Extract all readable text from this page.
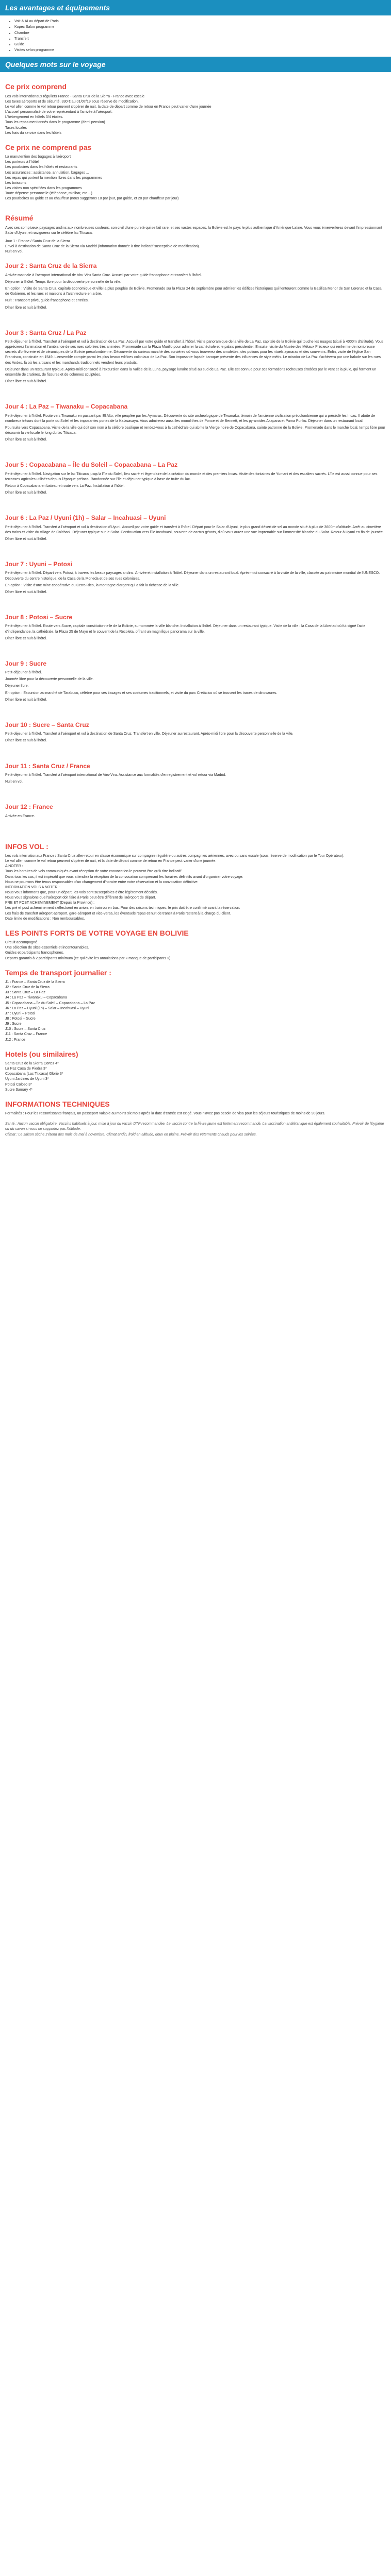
Les avantages et équipements
• Voit & AI au départ de Paris
• Kopec Salon programme
• Chambre
• Transfert
• Guide
• Visites selon programme
Quelques mots sur le voyage
Ce prix comprend

Les vols internationaux réguliers France - Santa Cruz de la Sierra - France avec escale

Les taxes aéroports et de sécurité, 330 € au 01/07/19 sous réserve de modification.

Le vol aller, comme le vol retour peuvent s'opérer de nuit, la date de départ comme de retour en France peut varier d'une journée

L'accueil personnalisé de votre représentant à l'arrivée à l'aéroport.

L'hébergement en hôtels 3/4 étoiles.

Tous les repas mentionnés dans le programme (demi pension)

Taxes locales

Les frais du service dans les hôtels

Ce prix ne comprend pas

La manutention des bagages à l'aéroport

Les porteurs à l'hôtel

Les pourboires dans les hôtels et restaurants

Les assurances : assistance, annulation, bagages ...

Les repas qui portent la mention libres dans les programmes

Les boissons

Les visites non spécifiées dans les programmes

Toute dépense personnelle (téléphone, minibar, etc ...)

Les pourboires au guide et au chauffeur (nous suggérons 18 par jour, par guide, et 28 par chauffeur par jour)

Résumé

Avec ses somptueux paysages andins aux nombreuses couleurs, son civil d'une pureté qui se fait rare, et ses vastes espaces, la Bolivie est le pays le plus authentique d'Amérique Latine. Vous vous émerveillerez devant l'impressionnant Salar d'Uyuni, et naviguerez sur le célèbre lac Titicaca.

Jour 1 : France / Santa Cruz de la Sierra

Envol à destination de Santa Cruz de la Sierra via Madrid (information donnée à titre indicatif susceptible de modification).

Nuit en vol.

Jour 2 : Santa Cruz de la Sierra

Arrivée matinale à l'aéroport international de Viru-Viru Santa Cruz. Accueil par votre guide francophone et transfert à l'hôtel.

Déjeuner à l'hôtel. Temps libre pour la découverte personnelle de la ville.

En option : Visite de Santa Cruz, capitale économique et ville la plus peuplée de Bolivie. Promenade sur la Plaza 24 de septiembre pour admirer les édifices historiques qui l'entourent comme la Basilica Menor de San Lorenzo et la Casa de Gobierno, et les rues et maisons à l'architecture en arbre.

Nuit : Transport privé, guide francophone et entrées.

Dîner libre et nuit à l'hôtel.

Jour 3 : Santa Cruz / La Paz

Petit-déjeuner à l'hôtel. Transfert à l'aéroport et vol à destination de La Paz. Accueil par votre guide et transfert à l'hôtel. Visite panoramique de la ville de La Paz, capitale de la Bolivie qui touche les nuages (situé à 4000m d'altitude). Vous apprécierez l'animation et l'ambiance de ses rues colorées très animées. Promenade sur la Plaza Murillo pour admirer la cathédrale et le palais présidentiel. Ensuite, visite du Musée des Métaux Précieux qui renferme de nombreuse secrets d'orfèvrerie et de céramiques de la Bolivie précolombienne. Découverte du curieux marché des sorcières où vous trouverez des amulettes, des potions pour les rituels aymaras et des souvenirs. Enfin, visite de l'église San Francisco, construite en 1549. L'ensemble compte parmi les plus beaux édifices coloniaux de La Paz. Son imposante façade baroque présente des influences de style métis. Le mirador de La Paz s'achèvera par une balade sur les rues des Andes, là où les artisans et les marchands traditionnels vendent leurs produits.

Déjeuner dans un restaurant typique. Après-midi consacré à l'excursion dans la Vallée de la Luna, paysage lunaire situé au sud de La Paz. Elle est connue pour ses formations rocheuses érodées par le vent et la pluie, qui forment un ensemble de cratères, de fissures et de colonnes sculptées.

Dîner libre et nuit à l'hôtel.

Jour 4 : La Paz – Tiwanaku – Copacabana

Petit-déjeuner à l'hôtel. Route vers Tiwanaku en passant par El Alto, ville peuplée par les Aymaras. Découverte du site archéologique de Tiwanaku, témoin de l'ancienne civilisation précolombienne qui a précédé les Incas. Il abrite de nombreux trésors dont la porte du Soleil et les imposantes portes de la Kalasasaya. Vous admirerez aussi les monolithes de Ponce et de Bennett, et les pyramides Akapana et Puma Punku. Déjeuner dans un restaurant local.

Poursuite vers Copacabana. Visite de la ville qui doit son nom à la célèbre basilique et rendez-vous à la cathédrale qui abrite la Vierge noire de Copacabana, sainte patronne de la Bolivie. Promenade dans le marché local, temps libre pour découvrir la vie locale le long du lac Titicaca.

Dîner libre et nuit à l'hôtel.

Jour 5 : Copacabana – Île du Soleil – Copacabana – La Paz

Petit-déjeuner à l'hôtel. Navigation sur le lac Titicaca jusqu'à l'île du Soleil, lieu sacré et légendaire de la création du monde et des premiers Incas. Visite des fontaines de Yumani et des escaliers sacrés. L'île est aussi connue pour ses terrasses agricoles utilisées depuis l'époque préinca. Randonnée sur l'île et déjeuner typique à base de truite du lac.

Retour à Copacabana en bateau et route vers La Paz. Installation à l'hôtel.

Dîner libre et nuit à l'hôtel.

Jour 6 : La Paz / Uyuni (1h) – Salar – Incahuasi – Uyuni

Petit-déjeuner à l'hôtel. Transfert à l'aéroport et vol à destination d'Uyuni. Accueil par votre guide et transfert à l'hôtel. Départ pour le Salar d'Uyuni, le plus grand désert de sel au monde situé à plus de 3600m d'altitude. Arrêt au cimetière des trains et visite du village de Colchani. Déjeuner typique sur le Salar. Continuation vers l'île Incahuasi, couverte de cactus géants, d'où vous aurez une vue imprenable sur l'immensité blanche du Salar. Retour à Uyuni en fin de journée.

Dîner libre et nuit à l'hôtel.

Jour 7 : Uyuni – Potosi

Petit-déjeuner à l'hôtel. Départ vers Potosi, à travers les beaux paysages andins. Arrivée et installation à l'hôtel. Déjeuner dans un restaurant local. Après-midi consacré à la visite de la ville, classée au patrimoine mondial de l'UNESCO. Découverte du centre historique, de la Casa de la Moneda et de ses rues coloniales.

En option : Visite d'une mine coopérative du Cerro Rico, la montagne d'argent qui a fait la richesse de la ville.

Dîner libre et nuit à l'hôtel.

Jour 8 : Potosi – Sucre

Petit-déjeuner à l'hôtel. Route vers Sucre, capitale constitutionnelle de la Bolivie, surnommée la ville blanche. Installation à l'hôtel. Déjeuner dans un restaurant typique. Visite de la ville : la Casa de la Libertad où fut signé l'acte d'indépendance, la cathédrale, la Plaza 25 de Mayo et le couvent de la Recoleta, offrant un magnifique panorama sur la ville.

Dîner libre et nuit à l'hôtel.

Jour 9 : Sucre

Petit-déjeuner à l'hôtel.

Journée libre pour la découverte personnelle de la ville.

Déjeuner libre.

En option : Excursion au marché de Tarabuco, célèbre pour ses tissages et ses costumes traditionnels, et visite du parc Cretácico où se trouvent les traces de dinosaures.

Dîner libre et nuit à l'hôtel.

Jour 10 : Sucre – Santa Cruz

Petit-déjeuner à l'hôtel. Transfert à l'aéroport et vol à destination de Santa Cruz. Transfert en ville. Déjeuner au restaurant. Après-midi libre pour la découverte personnelle de la ville.

Dîner libre et nuit à l'hôtel.

Jour 11 : Santa Cruz / France

Petit-déjeuner à l'hôtel. Transfert à l'aéroport international de Viru-Viru. Assistance aux formalités d'enregistrement et vol retour via Madrid.

Nuit en vol.

Jour 12 : France

Arrivée en France.

INFOS VOL :

Les vols internationaux France / Santa Cruz aller-retour en classe économique sur compagnie régulière ou autres compagnies aériennes, avec ou sans escale (sous réserve de modification par le Tour Opérateur).

Le vol aller, comme le vol retour peuvent s'opérer de nuit, et la date de départ comme de retour en France peut varier d'une journée.

A NOTER :

Tous les horaires de vols communiqués avant réception de votre convocation le peuvent être qu'à titre indicatif.

Dans tous les cas, il est impératif que vous attendiez la réception de la convocation comprenant les horaires définitifs avant d'organiser votre voyage.

Nous ne pourrons être tenus responsables d'un changement d'horaire entre votre réservation et la convocation définitive.

INFORMATION VOLS A NOTER :

Nous vous informons que, pour un départ, les vols sont susceptibles d'être légèrement décalés.

Nous vous signalons que l'aéroport doit faire à Paris peut être différent de l'aéroport de départ.

PRE ET POST ACHEMINEMENT (Depuis la Province) :

Les pré et post acheminement s'effectuent en avion, en train ou en bus. Pour des raisons techniques, le prix doit être confirmé avant la réservation.

Les frais de transfert aéroport-aéroport, gare-aéroport et vice-versa, les éventuels repas et nuit de transit à Paris restent à la charge du client.

Date limite de modifications : Non remboursables.

LES POINTS FORTS DE VOTRE VOYAGE EN BOLIVIE

Circuit accompagné

Une sélection de sites essentiels et incontournables.

Guides et participants francophones.

Départs garantis à 2 participants minimum (ce qui évite les annulations par « manque de participants »).

Temps de transport journalier :

J1 : France – Santa Cruz de la Sierra

J2 : Santa Cruz de la Sierra

J3 : Santa Cruz – La Paz

J4 : La Paz – Tiwanaku – Copacabana

J5 : Copacabana – Île du Soleil – Copacabana – La Paz

J6 : La Paz – Uyuni (1h) – Salar – Incahuasi – Uyuni

J7 : Uyuni – Potosi

J8 : Potosi – Sucre

J9 : Sucre

J10 : Sucre – Santa Cruz

J11 : Santa Cruz – France

J12 : France

Hotels (ou similaires)

Santa Cruz de la Sierra Cortez 4*

La Paz Casa de Piedra 3*

Copacabana (Lac Titicaca) Glorie 3*

Uyuni Jardines de Uyuni 3*

Potosi Coloso 3*

Sucre Samary 4*

INFORMATIONS TECHNIQUES

Formalités : Pour les ressortissants français, un passeport valable au moins six mois après la date d'entrée est exigé. Vous n'avez pas besoin de visa pour les séjours touristiques de moins de 90 jours.

Santé : Aucun vaccin obligatoire. Vaccins habituels à jour, mise à jour du vaccin DTP recommandée. Le vaccin contre la fièvre jaune est fortement recommandé. La vaccination antitétanique est également souhaitable. Prévoir de l'hygiène ou du savon si vous ne supportez pas l'altitude.

Climat : Le saison sèche s'étend des mois de mai à novembre, Climat andin, froid en altitude, doux en plaine. Prévoir des vêtements chauds pour les soirées.
